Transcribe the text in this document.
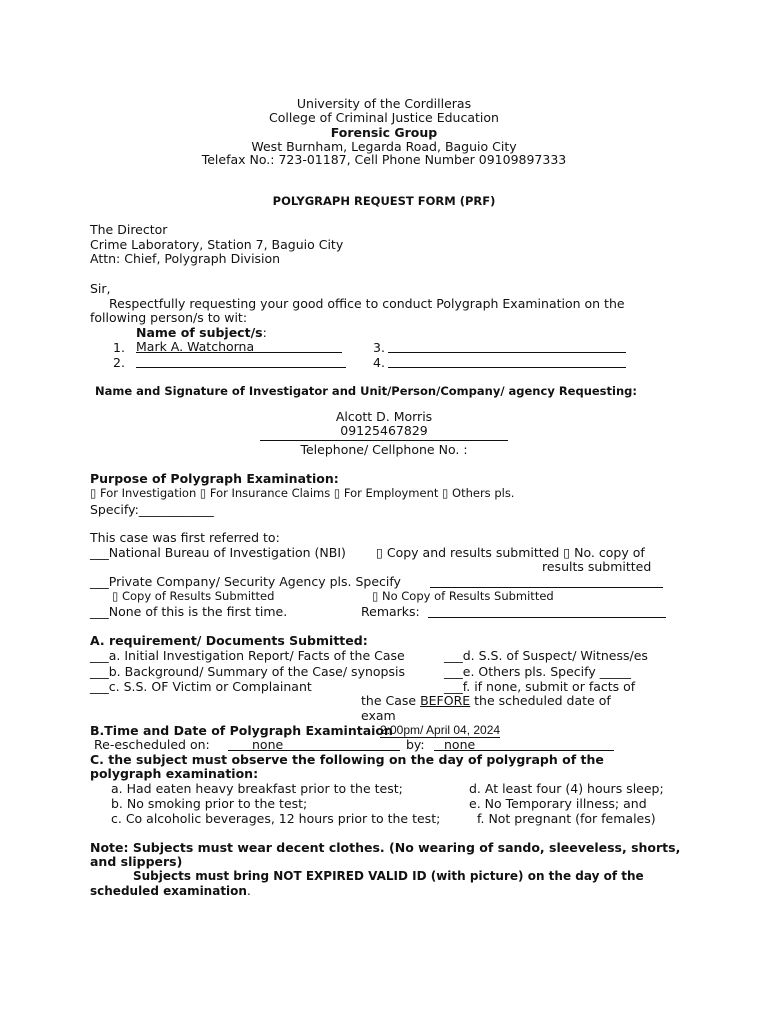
University of the Cordilleras
College of Criminal Justice Education
Forensic Group
West Burnham, Legarda Road, Baguio City
Telefax No.: 723-01187, Cell Phone Number 09109897333
POLYGRAPH REQUEST FORM (PRF)
The Director
Crime Laboratory, Station 7, Baguio City
Attn: Chief, Polygraph Division
Sir,
Respectfully requesting your good office to conduct Polygraph Examination on the
following person/s to wit:
Name of subject/s:
1. Mark A. Watchorna	3.
2.	4.
Name and Signature of Investigator and Unit/Person/Company/ agency Requesting:
Alcott D. Morris
09125467829
Telephone/ Cellphone No. :
Purpose of Polygraph Examination:
▯ For Investigation ▯ For Insurance Claims ▯ For Employment ▯ Others pls.
Specify:____________
This case was first referred to:
___National Bureau of Investigation (NBI) ▯ Copy and results submitted ▯ No. copy of
results submitted
___Private Company/ Security Agency pls. Specify
▯ Copy of Results Submitted	▯ No Copy of Results Submitted
___None of this is the first time.	Remarks:
A. requirement/ Documents Submitted:
___a. Initial Investigation Report/ Facts of the Case
___b. Background/ Summary of the Case/ synopsis
___c. S.S. OF Victim or Complainant
___d. S.S. of Suspect/ Witness/es
___e. Others pls. Specify _____
___f. if none, submit or facts of
the Case BEFORE the scheduled date of
exam
B.Time and Date of Polygraph Examintaion
2:00pm/ April 04, 2024
Re-escheduled on:	none	by: none
C. the subject must observe the following on the day of polygraph of the
polygraph examination:
a. Had eaten heavy breakfast prior to the test;
b. No smoking prior to the test;
c. Co alcoholic beverages, 12 hours prior to the test;
d. At least four (4) hours sleep;
e. No Temporary illness; and
f. Not pregnant (for females)
Note: Subjects must wear decent clothes. (No wearing of sando, sleeveless, shorts,
and slippers)
Subjects must bring NOT EXPIRED VALID ID (with picture) on the day of the
scheduled examination.
